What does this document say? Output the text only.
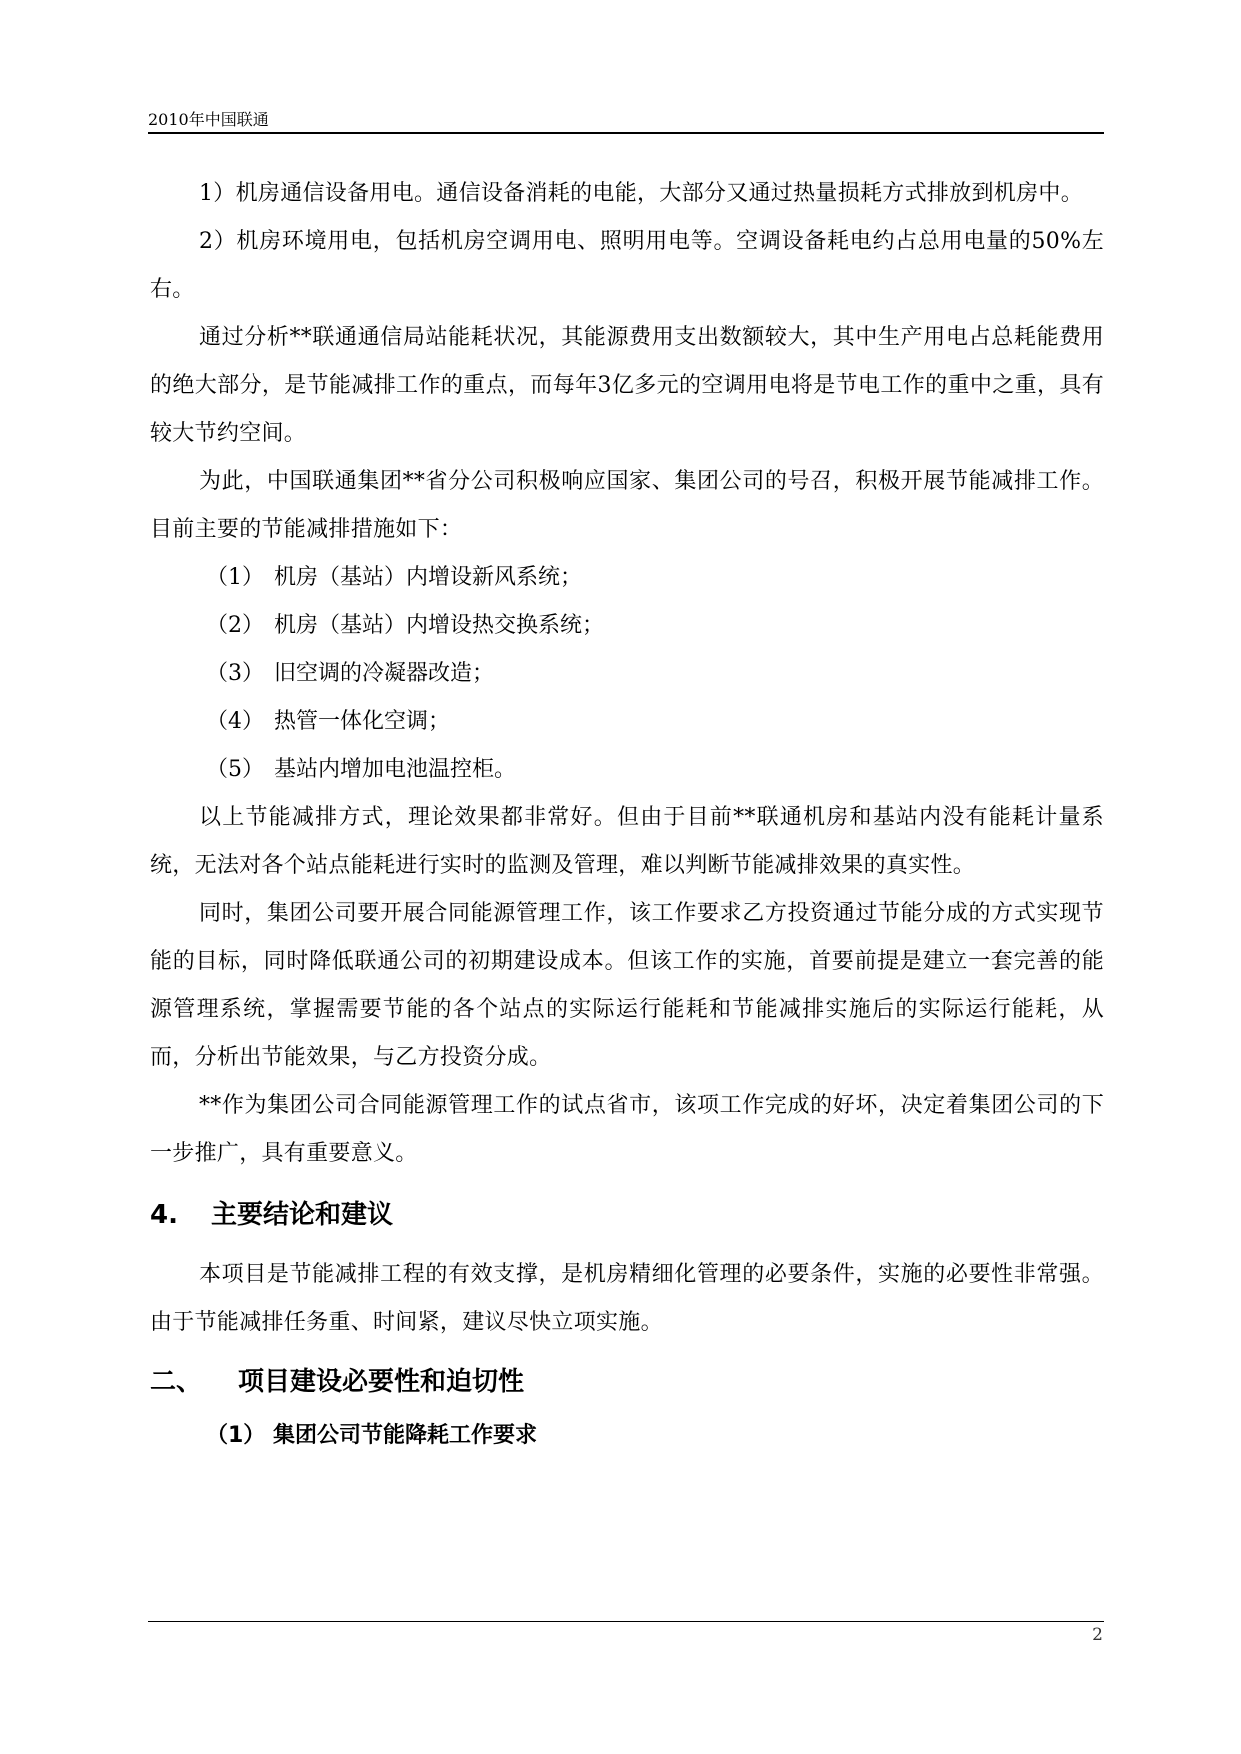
2010年中国联通

1）机房通信设备用电。通信设备消耗的电能，大部分又通过热量损耗方式排放到机房中。

2）机房环境用电，包括机房空调用电、照明用电等。空调设备耗电约占总用电量的50%左右。

通过分析**联通通信局站能耗状况，其能源费用支出数额较大，其中生产用电占总耗能费用的绝大部分，是节能减排工作的重点，而每年3亿多元的空调用电将是节电工作的重中之重，具有较大节约空间。

为此，中国联通集团**省分公司积极响应国家、集团公司的号召，积极开展节能减排工作。目前主要的节能减排措施如下：

（1） 机房（基站）内增设新风系统；

（2） 机房（基站）内增设热交换系统；

（3） 旧空调的冷凝器改造；

（4） 热管一体化空调；

（5） 基站内增加电池温控柜。

以上节能减排方式，理论效果都非常好。但由于目前**联通机房和基站内没有能耗计量系统，无法对各个站点能耗进行实时的监测及管理，难以判断节能减排效果的真实性。

同时，集团公司要开展合同能源管理工作，该工作要求乙方投资通过节能分成的方式实现节能的目标，同时降低联通公司的初期建设成本。但该工作的实施，首要前提是建立一套完善的能源管理系统，掌握需要节能的各个站点的实际运行能耗和节能减排实施后的实际运行能耗，从而，分析出节能效果，与乙方投资分成。

**作为集团公司合同能源管理工作的试点省市，该项工作完成的好坏，决定着集团公司的下一步推广，具有重要意义。

4. 主要结论和建议

本项目是节能减排工程的有效支撑，是机房精细化管理的必要条件，实施的必要性非常强。由于节能减排任务重、时间紧，建议尽快立项实施。

二、 项目建设必要性和迫切性
（1） 集团公司节能降耗工作要求
2
